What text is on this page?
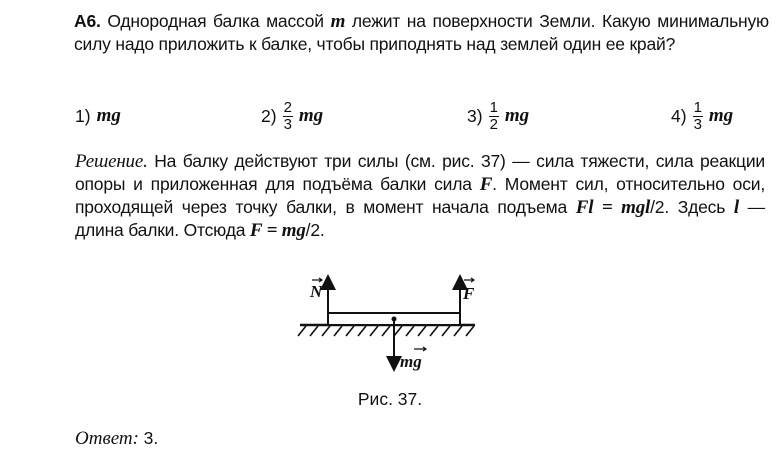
А6. Однородная балка массой m лежит на поверхности Земли. Какую минимальную силу надо приложить к балке, чтобы приподнять над землей один ее край?
1) mg	$2) \frac{2}{3}$ mg	$3) \frac{1}{2}$ mg	$4) \frac{1}{3}$ mg
Решение. На балку действуют три силы (см. рис. 37) — сила тяжести, сила реакции опоры и приложенная для подъёма балки сила F. Момент сил, относительно оси, проходящей через точку балки, в момент начала подъема Fl = mgl/2. Здесь l — длина балки. Отсюда F = mg/2.
N	F
mg
Рис. 37.
Ответ: 3.
